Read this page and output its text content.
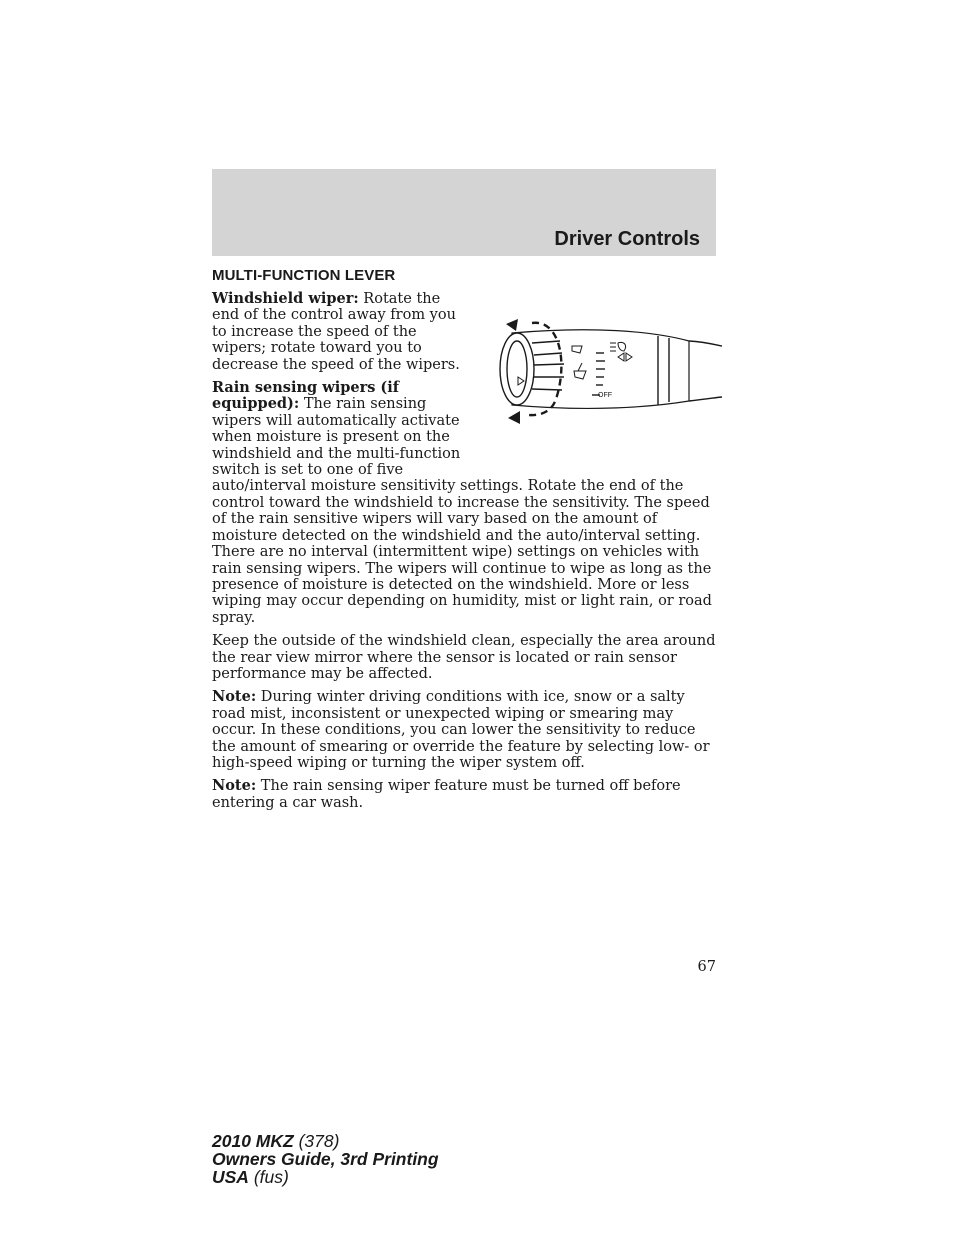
Driver Controls
MULTI-FUNCTION LEVER
OFF

Windshield wiper: Rotate the end of the control away from you to increase the speed of the wipers; rotate toward you to decrease the speed of the wipers.

Rain sensing wipers (if equipped): The rain sensing wipers will automatically activate when moisture is present on the windshield and the multi-function switch is set to one of five auto/interval moisture sensitivity settings. Rotate the end of the control toward the windshield to increase the sensitivity. The speed of the rain sensitive wipers will vary based on the amount of moisture detected on the windshield and the auto/interval setting. There are no interval (intermittent wipe) settings on vehicles with rain sensing wipers. The wipers will continue to wipe as long as the presence of moisture is detected on the windshield. More or less wiping may occur depending on humidity, mist or light rain, or road spray.

Keep the outside of the windshield clean, especially the area around the rear view mirror where the sensor is located or rain sensor performance may be affected.

Note: During winter driving conditions with ice, snow or a salty road mist, inconsistent or unexpected wiping or smearing may occur. In these conditions, you can lower the sensitivity to reduce the amount of smearing or override the feature by selecting low- or high-speed wiping or turning the wiper system off.

Note: The rain sensing wiper feature must be turned off before entering a car wash.

67
2010 MKZ (378)
Owners Guide, 3rd Printing
USA (fus)
